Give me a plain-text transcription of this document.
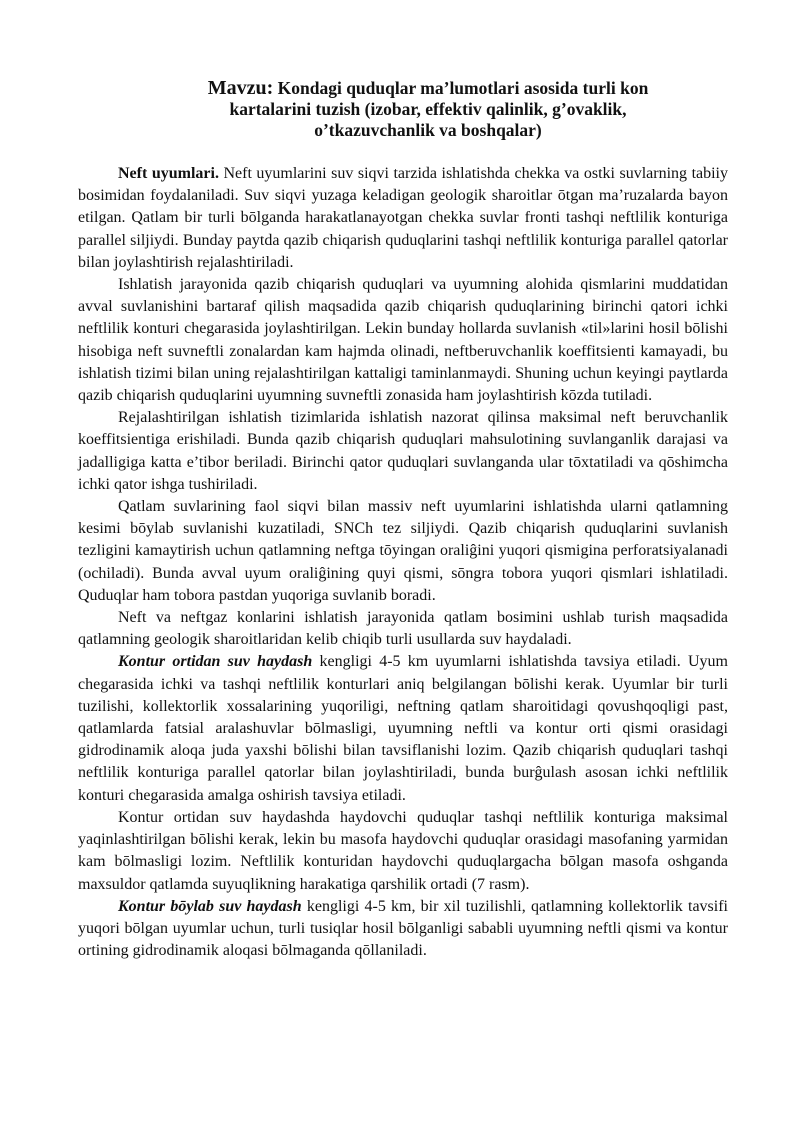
Mavzu: Kondagi quduqlar ma’lumotlari asosida turli kon
kartalarini tuzish (izobar, effektiv qalinlik, g’ovaklik,
o’tkazuvchanlik va boshqalar)

Neft uyumlari. Neft uyumlarini suv siqvi tarzida ishlatishda chekka va ostki suvlarning tabiiy bosimidan foydalaniladi. Suv siqvi yuzaga keladigan geologik sharoitlar ōtgan ma’ruzalarda bayon etilgan. Qatlam bir turli bōlganda harakatlanayotgan chekka suvlar fronti tashqi neftlilik konturiga parallel siljiydi. Bunday paytda qazib chiqarish quduqlarini tashqi neftlilik konturiga parallel qatorlar bilan joylashtirish rejalashtiriladi.

Ishlatish jarayonida qazib chiqarish quduqlari va uyumning alohida qismlarini muddatidan avval suvlanishini bartaraf qilish maqsadida qazib chiqarish quduqlarining birinchi qatori ichki neftlilik konturi chegarasida joylashtirilgan. Lekin bunday hollarda suvlanish «til»larini hosil bōlishi hisobiga neft suvneftli zonalardan kam hajmda olinadi, neftberuvchanlik koeffitsienti kamayadi, bu ishlatish tizimi bilan uning rejalashtirilgan kattaligi taminlanmaydi. Shuning uchun keyingi paytlarda qazib chiqarish quduqlarini uyumning suvneftli zonasida ham joylashtirish kōzda tutiladi.

Rejalashtirilgan ishlatish tizimlarida ishlatish nazorat qilinsa maksimal neft beruvchanlik koeffitsientiga erishiladi. Bunda qazib chiqarish quduqlari mahsulotining suvlanganlik darajasi va jadalligiga katta e’tibor beriladi. Birinchi qator quduqlari suvlanganda ular tōxtatiladi va qōshimcha ichki qator ishga tushiriladi.

Qatlam suvlarining faol siqvi bilan massiv neft uyumlarini ishlatishda ularni qatlamning kesimi bōylab suvlanishi kuzatiladi, SNCh tez siljiydi. Qazib chiqarish quduqlarini suvlanish tezligini kamaytirish uchun qatlamning neftga tōyingan oraliĝini yuqori qismigina perforatsiyalanadi (ochiladi). Bunda avval uyum oraliĝining quyi qismi, sōngra tobora yuqori qismlari ishlatiladi. Quduqlar ham tobora pastdan yuqoriga suvlanib boradi.

Neft va neftgaz konlarini ishlatish jarayonida qatlam bosimini ushlab turish maqsadida qatlamning geologik sharoitlaridan kelib chiqib turli usullarda suv haydaladi.

Kontur ortidan suv haydash kengligi 4-5 km uyumlarni ishlatishda tavsiya etiladi. Uyum chegarasida ichki va tashqi neftlilik konturlari aniq belgilangan bōlishi kerak. Uyumlar bir turli tuzilishi, kollektorlik xossalarining yuqoriligi, neftning qatlam sharoitidagi qovushqoqligi past, qatlamlarda fatsial aralashuvlar bōlmasligi, uyumning neftli va kontur orti qismi orasidagi gidrodinamik aloqa juda yaxshi bōlishi bilan tavsiflanishi lozim. Qazib chiqarish quduqlari tashqi neftlilik konturiga parallel qatorlar bilan joylashtiriladi, bunda burĝulash asosan ichki neftlilik konturi chegarasida amalga oshirish tavsiya etiladi.

Kontur ortidan suv haydashda haydovchi quduqlar tashqi neftlilik konturiga maksimal yaqinlashtirilgan bōlishi kerak, lekin bu masofa haydovchi quduqlar orasidagi masofaning yarmidan kam bōlmasligi lozim. Neftlilik konturidan haydovchi quduqlargacha bōlgan masofa oshganda maxsuldor qatlamda suyuqlikning harakatiga qarshilik ortadi (7 rasm).

Kontur bōylab suv haydash kengligi 4-5 km, bir xil tuzilishli, qatlamning kollektorlik tavsifi yuqori bōlgan uyumlar uchun, turli tusiqlar hosil bōlganligi sababli uyumning neftli qismi va kontur ortining gidrodinamik aloqasi bōlmaganda qōllaniladi.
